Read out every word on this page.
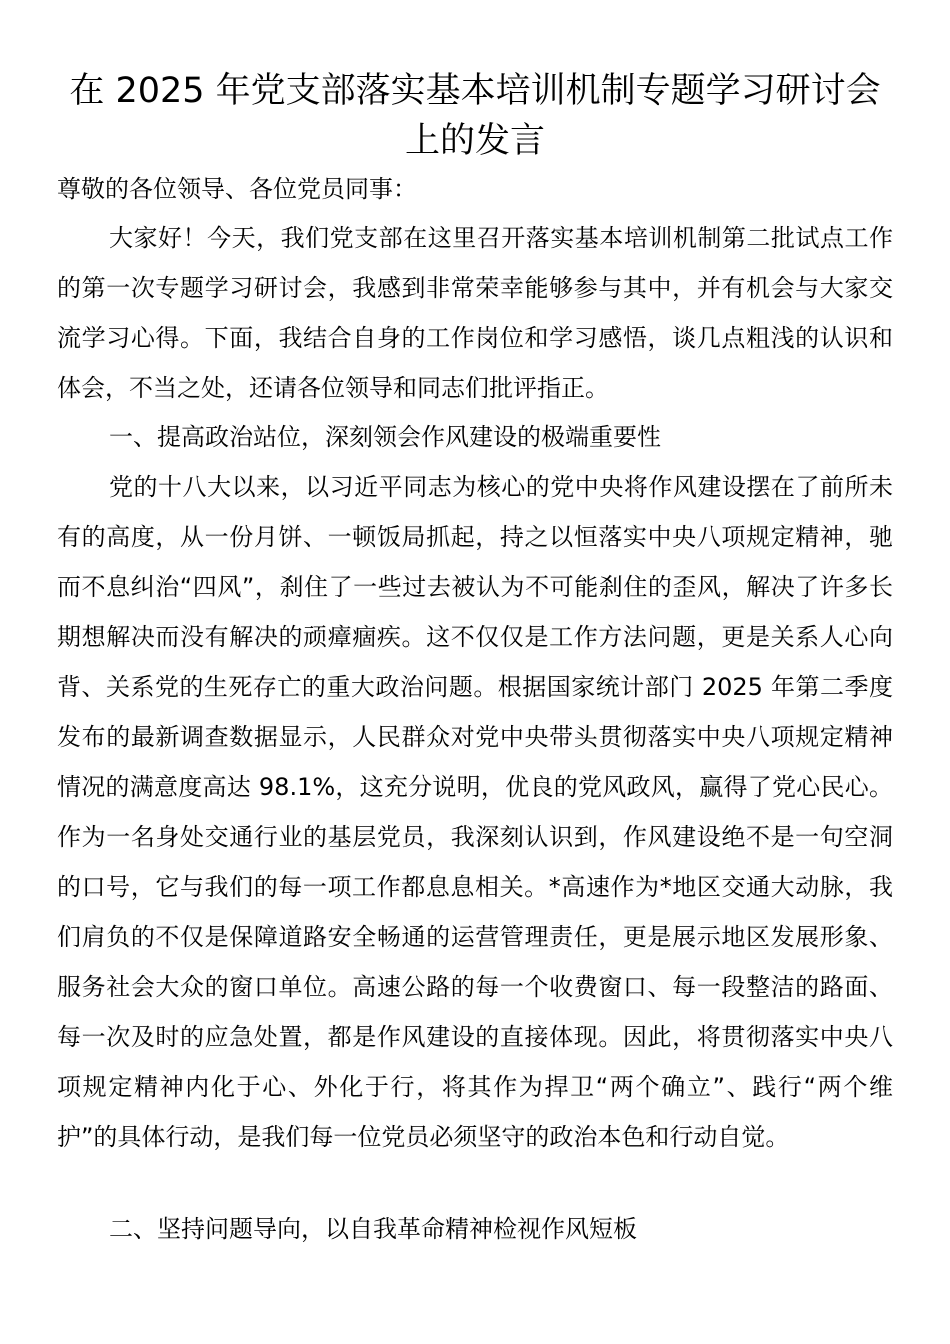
在 2025 年党支部落实基本培训机制专题学习研讨会上的发言

尊敬的各位领导、各位党员同事：

大家好！今天，我们党支部在这里召开落实基本培训机制第二批试点工作的第一次专题学习研讨会，我感到非常荣幸能够参与其中，并有机会与大家交流学习心得。下面，我结合自身的工作岗位和学习感悟，谈几点粗浅的认识和体会，不当之处，还请各位领导和同志们批评指正。

一、提高政治站位，深刻领会作风建设的极端重要性

党的十八大以来，以习近平同志为核心的党中央将作风建设摆在了前所未有的高度，从一份月饼、一顿饭局抓起，持之以恒落实中央八项规定精神，驰而不息纠治“四风”，刹住了一些过去被认为不可能刹住的歪风，解决了许多长期想解决而没有解决的顽瘴痼疾。这不仅仅是工作方法问题，更是关系人心向背、关系党的生死存亡的重大政治问题。根据国家统计部门 2025 年第二季度发布的最新调查数据显示，人民群众对党中央带头贯彻落实中央八项规定精神情况的满意度高达 98.1%，这充分说明，优良的党风政风，赢得了党心民心。作为一名身处交通行业的基层党员，我深刻认识到，作风建设绝不是一句空洞的口号，它与我们的每一项工作都息息相关。*高速作为*地区交通大动脉，我们肩负的不仅是保障道路安全畅通的运营管理责任，更是展示地区发展形象、服务社会大众的窗口单位。高速公路的每一个收费窗口、每一段整洁的路面、每一次及时的应急处置，都是作风建设的直接体现。因此，将贯彻落实中央八项规定精神内化于心、外化于行，将其作为捍卫“两个确立”、践行“两个维护”的具体行动，是我们每一位党员必须坚守的政治本色和行动自觉。

二、坚持问题导向，以自我革命精神检视作风短板
